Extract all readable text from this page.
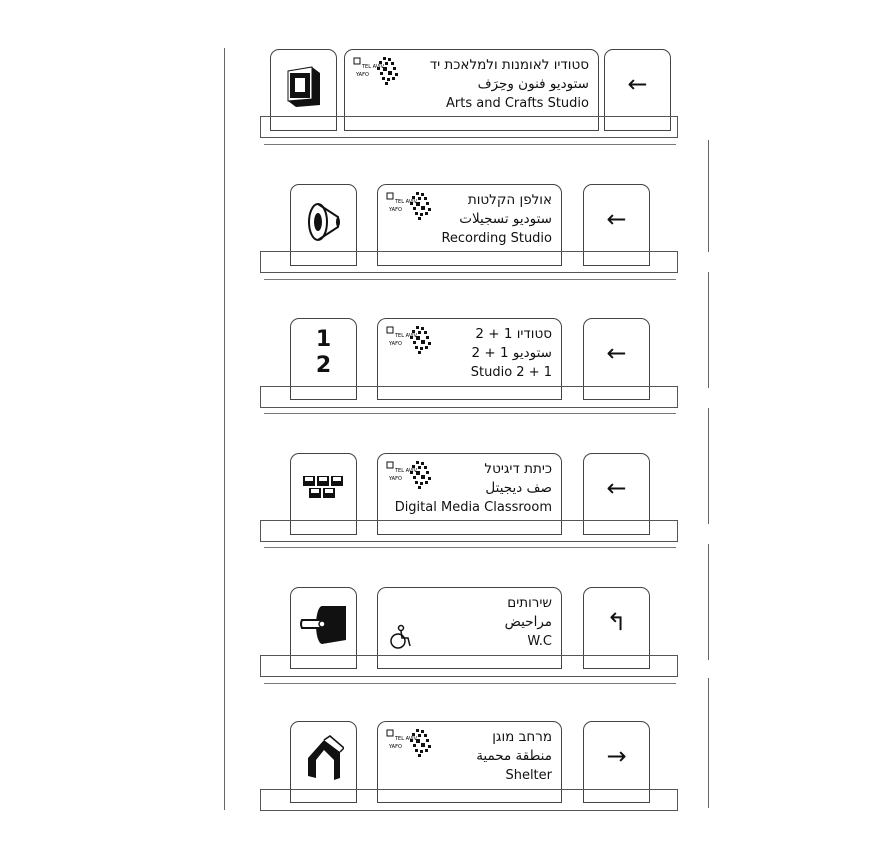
TEL AVIV
YAFO
סטודיו לאומנות ולמלאכת יד
ستوديو فنون وحِرَف
Arts and Crafts Studio
←
TEL AVIV
YAFO
אולפן הקלטות
ستوديو تسجيلات
Recording Studio
←
1
2
TEL AVIV
YAFO
סטודיו 1 + 2
ستوديو 1 + 2
Studio 2 + 1
←
TEL AVIV
YAFO
כיתת דיגיטל
صف ديجيتل
Digital Media Classroom
←
שירותים
مراحيض
W.C
↰
TEL AVIV
YAFO
מרחב מוגן
منطقة محمية
Shelter
→
